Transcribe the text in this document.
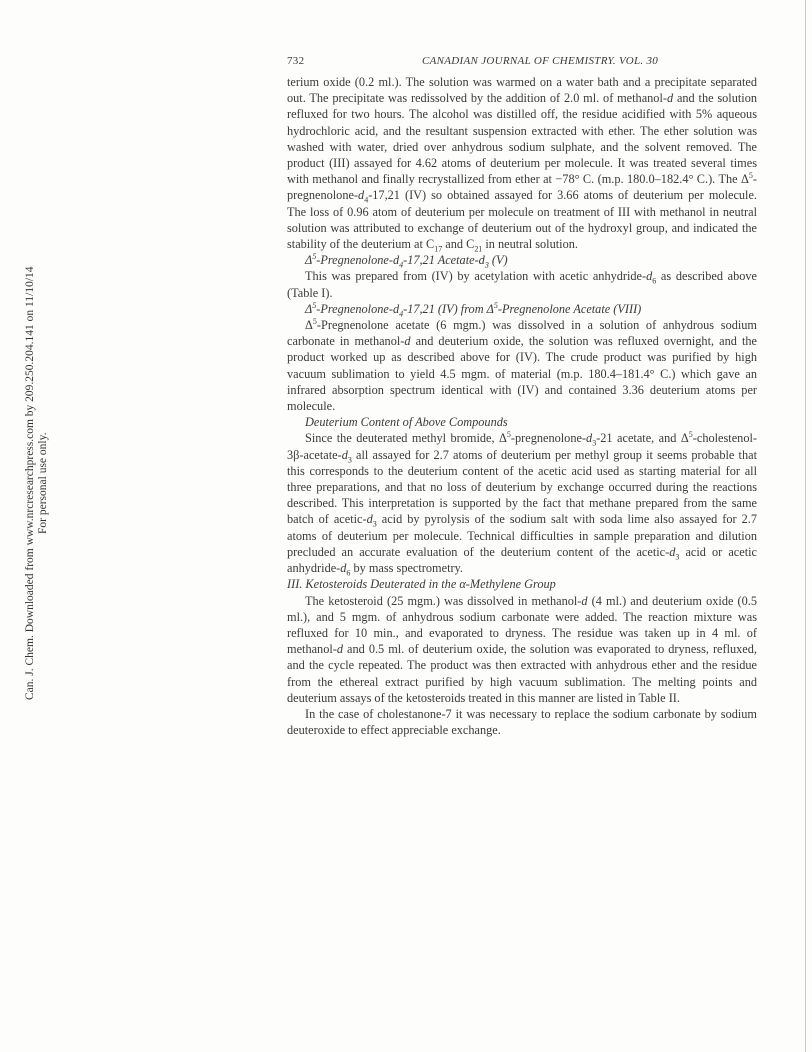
Can. J. Chem. Downloaded from www.nrcresearchpress.com by 209.250.204.141 on 11/10/14 For personal use only.
732	CANADIAN JOURNAL OF CHEMISTRY. VOL. 30

terium oxide (0.2 ml.). The solution was warmed on a water bath and a precipitate separated out. The precipitate was redissolved by the addition of 2.0 ml. of methanol-d and the solution refluxed for two hours. The alcohol was distilled off, the residue acidified with 5% aqueous hydrochloric acid, and the resultant suspension extracted with ether. The ether solution was washed with water, dried over anhydrous sodium sulphate, and the solvent removed. The product (III) assayed for 4.62 atoms of deuterium per molecule. It was treated several times with methanol and finally recrystallized from ether at −78° C. (m.p. 180.0–182.4° C.). The $\Delta^5-pregnenolone-d_4-17,21$ (IV) so obtained assayed for 3.66 atoms of deuterium per molecule. The loss of 0.96 atom of deuterium per molecule on treatment of III with methanol in neutral solution was attributed to exchange of deuterium out of the hydroxyl group, and indicated the stability of the deuterium at $C_{17}$ and $C_{21}$ in neutral solution.

$\Delta^5-Pregnenolone-d_4-17,21$ Acetate-$d_3$ (V)

This was prepared from (IV) by acetylation with acetic anhydride-$d_6$ as described above (Table I).

$\Delta^5-Pregnenolone-d_4-17,21$ (IV) from $\Delta^5$-Pregnenolone Acetate (VIII)

$\Delta^5$-Pregnenolone acetate (6 mgm.) was dissolved in a solution of anhydrous sodium carbonate in methanol-d and deuterium oxide, the solution was refluxed overnight, and the product worked up as described above for (IV). The crude product was purified by high vacuum sublimation to yield 4.5 mgm. of material (m.p. 180.4–181.4° C.) which gave an infrared absorption spectrum identical with (IV) and contained 3.36 deuterium atoms per molecule.

Deuterium Content of Above Compounds

Since the deuterated methyl bromide, $\Delta^5-pregnenolone-d_3-21$ acetate, and $\Delta^5-cholestenol-3\beta-acetate-d_3$ all assayed for 2.7 atoms of deuterium per methyl group it seems probable that this corresponds to the deuterium content of the acetic acid used as starting material for all three preparations, and that no loss of deuterium by exchange occurred during the reactions described. This interpretation is supported by the fact that methane prepared from the same batch of acetic-$d_3$ acid by pyrolysis of the sodium salt with soda lime also assayed for 2.7 atoms of deuterium per molecule. Technical difficulties in sample preparation and dilution precluded an accurate evaluation of the deuterium content of the acetic-$d_3$ acid or acetic anhydride-$d_6$ by mass spectrometry.

III. Ketosteroids Deuterated in the α-Methylene Group

The ketosteroid (25 mgm.) was dissolved in methanol-d (4 ml.) and deuterium oxide (0.5 ml.), and 5 mgm. of anhydrous sodium carbonate were added. The reaction mixture was refluxed for 10 min., and evaporated to dryness. The residue was taken up in 4 ml. of methanol-d and 0.5 ml. of deuterium oxide, the solution was evaporated to dryness, refluxed, and the cycle repeated. The product was then extracted with anhydrous ether and the residue from the ethereal extract purified by high vacuum sublimation. The melting points and deuterium assays of the ketosteroids treated in this manner are listed in Table II.

In the case of cholestanone-7 it was necessary to replace the sodium carbonate by sodium deuteroxide to effect appreciable exchange.
